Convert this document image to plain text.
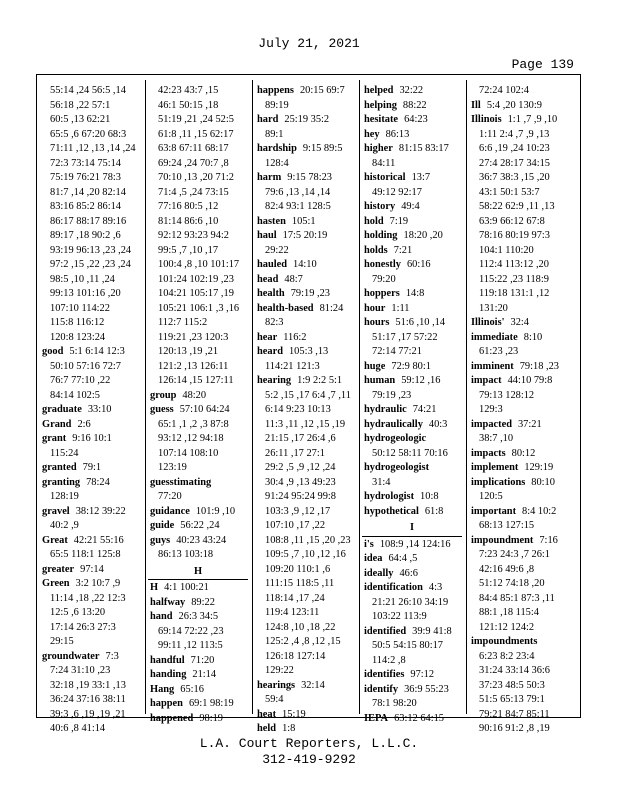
July 21, 2021
Page 139
55:14 ,24 56:5 ,14
56:18 ,22 57:1
60:5 ,13 62:21
65:5 ,6 67:20 68:3
71:11 ,12 ,13 ,14 ,24
72:3 73:14 75:14
75:19 76:21 78:3
81:7 ,14 ,20 82:14
83:16 85:2 86:14
86:17 88:17 89:16
89:17 ,18 90:2 ,6
93:19 96:13 ,23 ,24
97:2 ,15 ,22 ,23 ,24
98:5 ,10 ,11 ,24
99:13 101:16 ,20
107:10 114:22
115:8 116:12
120:8 123:24
good 5:1 6:14 12:3
50:10 57:16 72:7
76:7 77:10 ,22
84:14 102:5
graduate 33:10
Grand 2:6
grant 9:16 10:1
115:24
granted 79:1
granting 78:24
128:19
gravel 38:12 39:22
40:2 ,9
Great 42:21 55:16
65:5 118:1 125:8
greater 97:14
Green 3:2 10:7 ,9
11:14 ,18 ,22 12:3
12:5 ,6 13:20
17:14 26:3 27:3
29:15
groundwater 7:3
7:24 31:10 ,23
32:18 ,19 33:1 ,13
36:24 37:16 38:11
39:3 ,6 ,19 ,19 ,21
40:6 ,8 41:14
42:23 43:7 ,15
46:1 50:15 ,18
51:19 ,21 ,24 52:5
61:8 ,11 ,15 62:17
63:8 67:11 68:17
69:24 ,24 70:7 ,8
70:10 ,13 ,20 71:2
71:4 ,5 ,24 73:15
77:16 80:5 ,12
81:14 86:6 ,10
92:12 93:23 94:2
99:5 ,7 ,10 ,17
100:4 ,8 ,10 101:17
101:24 102:19 ,23
104:21 105:17 ,19
105:21 106:1 ,3 ,16
112:7 115:2
119:21 ,23 120:3
120:13 ,19 ,21
121:2 ,13 126:11
126:14 ,15 127:11
group 48:20
guess 57:10 64:24
65:1 ,1 ,2 ,3 87:8
93:12 ,12 94:18
107:14 108:10
123:19
guesstimating
77:20
guidance 101:9 ,10
guide 56:22 ,24
guys 40:23 43:24
86:13 103:18
H
H 4:1 100:21
halfway 89:22
hand 26:3 34:5
69:14 72:22 ,23
99:11 ,12 113:5
handful 71:20
handing 21:14
Hang 65:16
happen 69:1 98:19
happened 98:19
happens 20:15 69:7
89:19
hard 25:19 35:2
89:1
hardship 9:15 89:5
128:4
harm 9:15 78:23
79:6 ,13 ,14 ,14
82:4 93:1 128:5
hasten 105:1
haul 17:5 20:19
29:22
hauled 14:10
head 48:7
health 79:19 ,23
health-based 81:24
82:3
hear 116:2
heard 105:3 ,13
114:21 121:3
hearing 1:9 2:2 5:1
5:2 ,15 ,17 6:4 ,7 ,11
6:14 9:23 10:13
11:3 ,11 ,12 ,15 ,19
21:15 ,17 26:4 ,6
26:11 ,17 27:1
29:2 ,5 ,9 ,12 ,24
30:4 ,9 ,13 49:23
91:24 95:24 99:8
103:3 ,9 ,12 ,17
107:10 ,17 ,22
108:8 ,11 ,15 ,20 ,23
109:5 ,7 ,10 ,12 ,16
109:20 110:1 ,6
111:15 118:5 ,11
118:14 ,17 ,24
119:4 123:11
124:8 ,10 ,18 ,22
125:2 ,4 ,8 ,12 ,15
126:18 127:14
129:22
hearings 32:14
59:4
heat 15:19
held 1:8
helped 32:22
helping 88:22
hesitate 64:23
hey 86:13
higher 81:15 83:17
84:11
historical 13:7
49:12 92:17
history 49:4
hold 7:19
holding 18:20 ,20
holds 7:21
honestly 60:16
79:20
hoppers 14:8
hour 1:11
hours 51:6 ,10 ,14
51:17 ,17 57:22
72:14 77:21
huge 72:9 80:1
human 59:12 ,16
79:19 ,23
hydraulic 74:21
hydraulically 40:3
hydrogeologic
50:12 58:11 70:16
hydrogeologist
31:4
hydrologist 10:8
hypothetical 61:8
I
i's 108:9 ,14 124:16
idea 64:4 ,5
ideally 46:6
identification 4:3
21:21 26:10 34:19
103:22 113:9
identified 39:9 41:8
50:5 54:15 80:17
114:2 ,8
identifies 97:12
identify 36:9 55:23
78:1 98:20
IEPA 63:12 64:15
72:24 102:4
Ill 5:4 ,20 130:9
Illinois 1:1 ,7 ,9 ,10
1:11 2:4 ,7 ,9 ,13
6:6 ,19 ,24 10:23
27:4 28:17 34:15
36:7 38:3 ,15 ,20
43:1 50:1 53:7
58:22 62:9 ,11 ,13
63:9 66:12 67:8
78:16 80:19 97:3
104:1 110:20
112:4 113:12 ,20
115:22 ,23 118:9
119:18 131:1 ,12
131:20
Illinois' 32:4
immediate 8:10
61:23 ,23
imminent 79:18 ,23
impact 44:10 79:8
79:13 128:12
129:3
impacted 37:21
38:7 ,10
impacts 80:12
implement 129:19
implications 80:10
120:5
important 8:4 10:2
68:13 127:15
impoundment 7:16
7:23 24:3 ,7 26:1
42:16 49:6 ,8
51:12 74:18 ,20
84:4 85:1 87:3 ,11
88:1 ,18 115:4
121:12 124:2
impoundments
6:23 8:2 23:4
31:24 33:14 36:6
37:23 48:5 50:3
51:5 65:13 79:1
79:21 84:7 85:11
90:16 91:2 ,8 ,19
L.A. Court Reporters, L.L.C.
312-419-9292
